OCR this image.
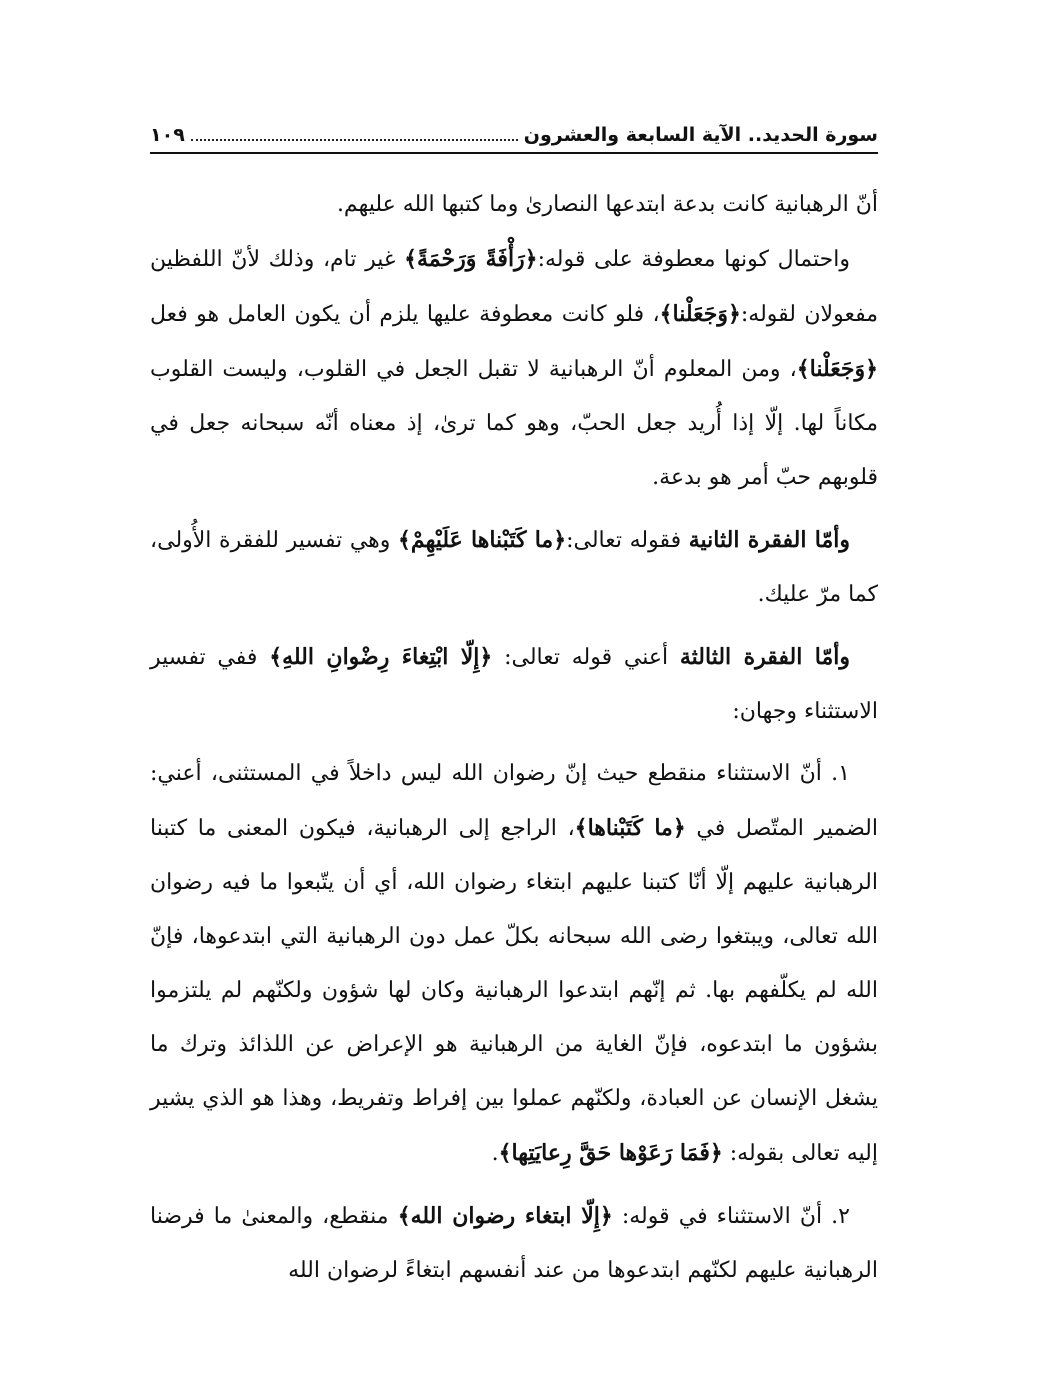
سورة الحديد.. الآية السابعة والعشرون
١٠٩

أنّ الرهبانية كانت بدعة ابتدعها النصارىٰ وما كتبها الله عليهم.

واحتمال كونها معطوفة على قوله:﴿رَأْفَةً وَرَحْمَةً﴾ غير تام، وذلك لأنّ اللفظين مفعولان لقوله:﴿وَجَعَلْنا﴾، فلو كانت معطوفة عليها يلزم أن يكون العامل هو فعل ﴿وَجَعَلْنا﴾، ومن المعلوم أنّ الرهبانية لا تقبل الجعل في القلوب، وليست القلوب مكاناً لها. إلّا إذا أُريد جعل الحبّ، وهو كما ترىٰ، إذ معناه أنّه سبحانه جعل في قلوبهم حبّ أمر هو بدعة.

وأمّا الفقرة الثانية فقوله تعالى:﴿ما كَتَبْناها عَلَيْهِمْ﴾ وهي تفسير للفقرة الأُولى، كما مرّ عليك.

وأمّا الفقرة الثالثة أعني قوله تعالى: ﴿إِلّا ابْتِغاءَ رِضْوانِ اللهِ﴾ ففي تفسير الاستثناء وجهان:

١. أنّ الاستثناء منقطع حيث إنّ رضوان الله ليس داخلاً في المستثنى، أعني: الضمير المتّصل في ﴿ما كَتَبْناها﴾، الراجع إلى الرهبانية، فيكون المعنى ما كتبنا الرهبانية عليهم إلّا أنّا كتبنا عليهم ابتغاء رضوان الله، أي أن يتّبعوا ما فيه رضوان الله تعالى، ويبتغوا رضى الله سبحانه بكلّ عمل دون الرهبانية التي ابتدعوها، فإنّ الله لم يكلّفهم بها. ثم إنّهم ابتدعوا الرهبانية وكان لها شؤون ولكنّهم لم يلتزموا بشؤون ما ابتدعوه، فإنّ الغاية من الرهبانية هو الإعراض عن اللذائذ وترك ما يشغل الإنسان عن العبادة، ولكنّهم عملوا بين إفراط وتفريط، وهذا هو الذي يشير إليه تعالى بقوله: ﴿فَمَا رَعَوْها حَقَّ رِعايَتِها﴾.

٢. أنّ الاستثناء في قوله: ﴿إِلّا ابتغاء رضوان الله﴾ منقطع، والمعنىٰ ما فرضنا الرهبانية عليهم لكنّهم ابتدعوها من عند أنفسهم ابتغاءً لرضوان الله
